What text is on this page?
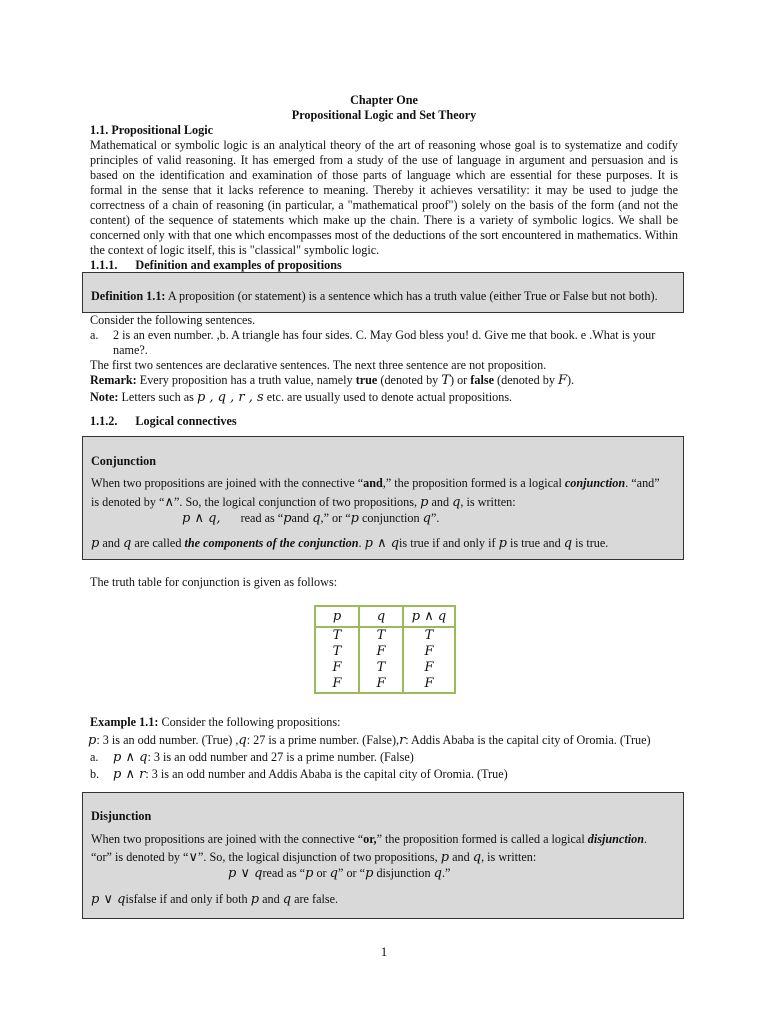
Chapter One
Propositional Logic and Set Theory
1.1. Propositional Logic
Mathematical or symbolic logic is an analytical theory of the art of reasoning whose goal is to systematize and codify principles of valid reasoning. It has emerged from a study of the use of language in argument and persuasion and is based on the identification and examination of those parts of language which are essential for these purposes. It is formal in the sense that it lacks reference to meaning. Thereby it achieves versatility: it may be used to judge the correctness of a chain of reasoning (in particular, a "mathematical proof") solely on the basis of the form (and not the content) of the sequence of statements which make up the chain. There is a variety of symbolic logics. We shall be concerned only with that one which encompasses most of the deductions of the sort encountered in mathematics. Within the context of logic itself, this is "classical" symbolic logic.
1.1.1. Definition and examples of propositions
Definition 1.1: A proposition (or statement) is a sentence which has a truth value (either True or False but not both).
Consider the following sentences.
a. 2 is an even number. ,b. A triangle has four sides. C. May God bless you! d. Give me that book. e .What is your name?.
The first two sentences are declarative sentences. The next three sentence are not proposition.
Remark: Every proposition has a truth value, namely true (denoted by T) or false (denoted by F).
Note: Letters such as p , q , r , s etc. are usually used to denote actual propositions.
1.1.2. Logical connectives
Conjunction
When two propositions are joined with the connective “and,” the proposition formed is a logical conjunction. “and”
is denoted by “∧”. So, the logical conjunction of two propositions, p and q, is written:
p ∧ q, read as “pand q,” or “p conjunction q”.
p and q are called the components of the conjunction. p ∧ qis true if and only if p is true and q is true.
The truth table for conjunction is given as follows:
p	q	p ∧ q
T	T	T
T	F	F
F	T	F
F	F	F
Example 1.1: Consider the following propositions:
p: 3 is an odd number. (True) ,q: 27 is a prime number. (False),r: Addis Ababa is the capital city of Oromia. (True)
a. p ∧ q: 3 is an odd number and 27 is a prime number. (False)
b. p ∧ r: 3 is an odd number and Addis Ababa is the capital city of Oromia. (True)
Disjunction
When two propositions are joined with the connective “or,” the proposition formed is called a logical disjunction.
“or” is denoted by “∨”. So, the logical disjunction of two propositions, p and q, is written:
p ∨ qread as “p or q” or “p disjunction q.”
p ∨ qisfalse if and only if both p and q are false.
1
